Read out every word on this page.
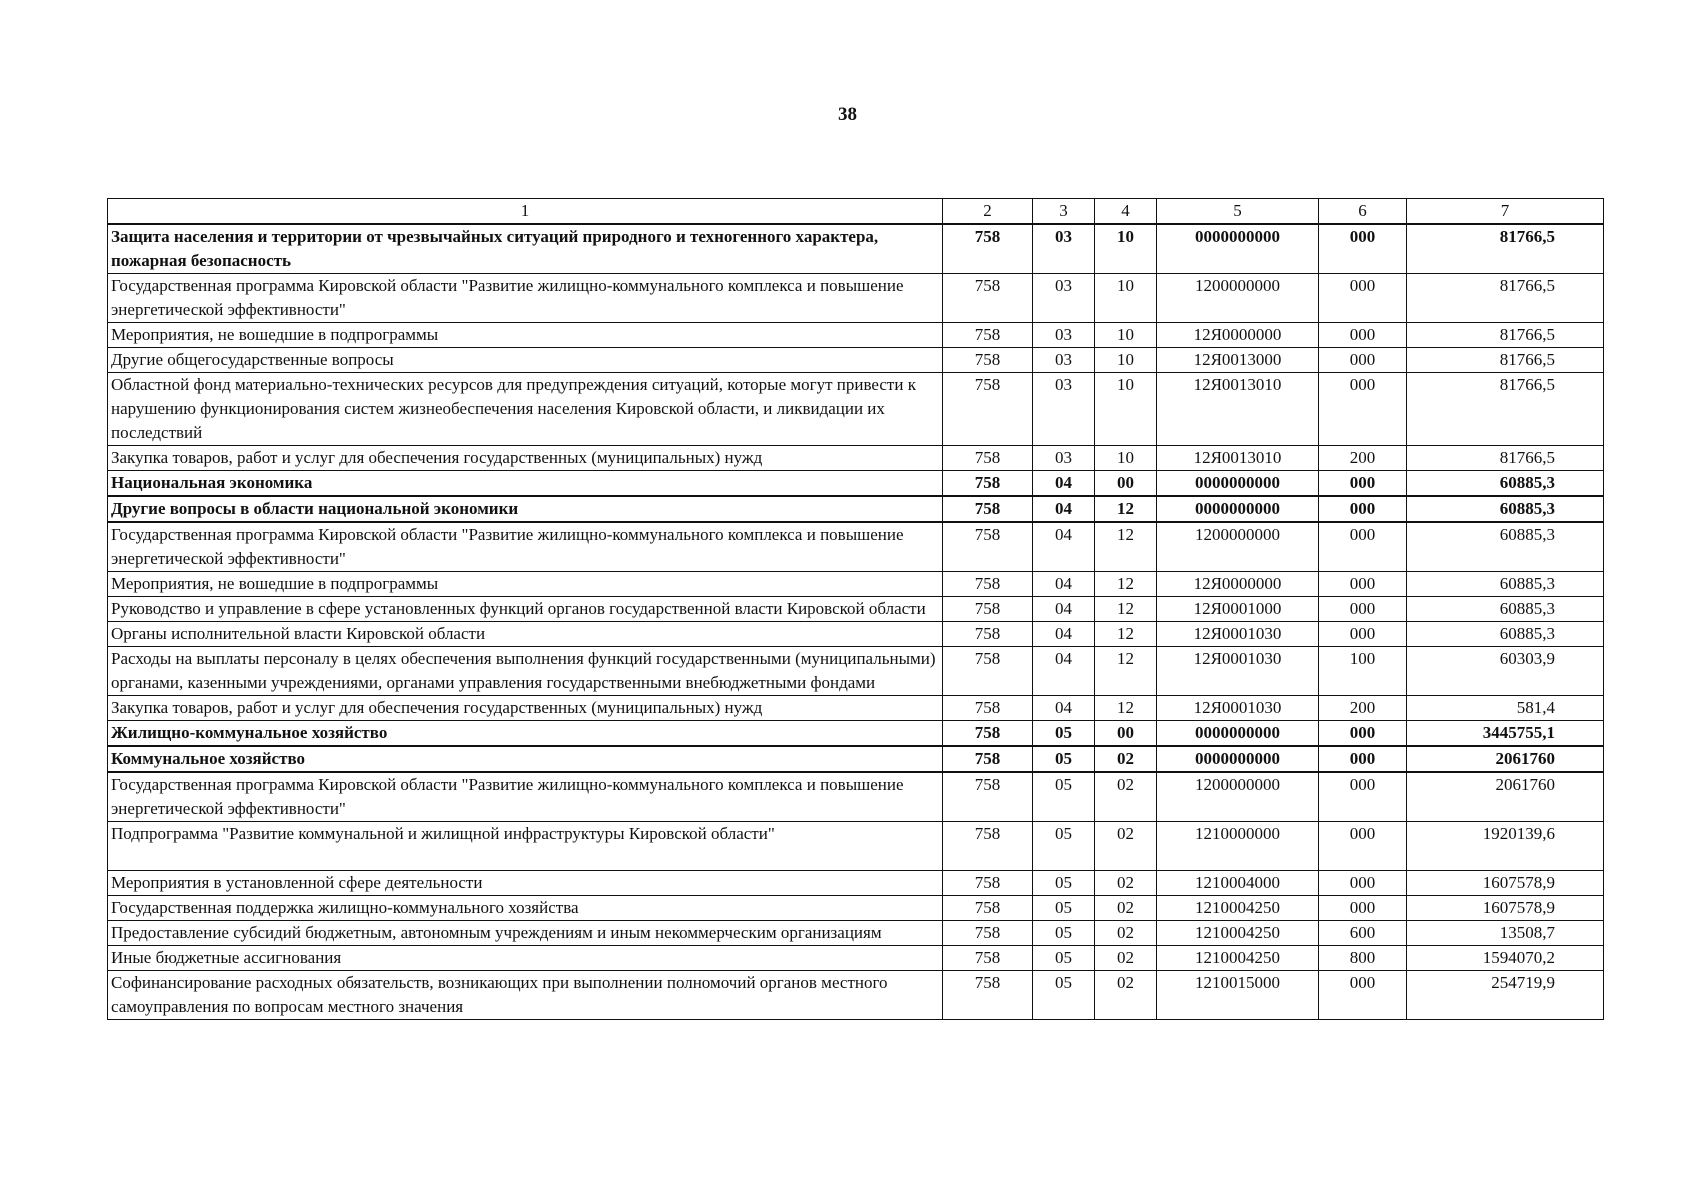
38
1	2	3	4	5	6	7
Защита населения и территории от чрезвычайных ситуаций природного и техногенного характера, пожарная безопасность	758	03	10	0000000000	000	81766,5
Государственная программа Кировской области "Развитие жилищно-коммунального комплекса и повышение энергетической эффективности"	758	03	10	1200000000	000	81766,5
Мероприятия, не вошедшие в подпрограммы	758	03	10	12Я0000000	000	81766,5
Другие общегосударственные вопросы	758	03	10	12Я0013000	000	81766,5
Областной фонд материально-технических ресурсов для предупреждения ситуаций, которые могут привести к нарушению функционирования систем жизнеобеспечения населения Кировской области, и ликвидации их последствий	758	03	10	12Я0013010	000	81766,5
Закупка товаров, работ и услуг для обеспечения государственных (муниципальных) нужд	758	03	10	12Я0013010	200	81766,5
Национальная экономика	758	04	00	0000000000	000	60885,3
Другие вопросы в области национальной экономики	758	04	12	0000000000	000	60885,3
Государственная программа Кировской области "Развитие жилищно-коммунального комплекса и повышение энергетической эффективности"	758	04	12	1200000000	000	60885,3
Мероприятия, не вошедшие в подпрограммы	758	04	12	12Я0000000	000	60885,3
Руководство и управление в сфере установленных функций органов государственной власти Кировской области	758	04	12	12Я0001000	000	60885,3
Органы исполнительной власти Кировской области	758	04	12	12Я0001030	000	60885,3
Расходы на выплаты персоналу в целях обеспечения выполнения функций государственными (муниципальными) органами, казенными учреждениями, органами управления государственными внебюджетными фондами	758	04	12	12Я0001030	100	60303,9
Закупка товаров, работ и услуг для обеспечения государственных (муниципальных) нужд	758	04	12	12Я0001030	200	581,4
Жилищно-коммунальное хозяйство	758	05	00	0000000000	000	3445755,1
Коммунальное хозяйство	758	05	02	0000000000	000	2061760
Государственная программа Кировской области "Развитие жилищно-коммунального комплекса и повышение энергетической эффективности"	758	05	02	1200000000	000	2061760
Подпрограмма "Развитие коммунальной и жилищной инфраструктуры Кировской области"	758	05	02	1210000000	000	1920139,6
Мероприятия в установленной сфере деятельности	758	05	02	1210004000	000	1607578,9
Государственная поддержка жилищно-коммунального хозяйства	758	05	02	1210004250	000	1607578,9
Предоставление субсидий бюджетным, автономным учреждениям и иным некоммерческим организациям	758	05	02	1210004250	600	13508,7
Иные бюджетные ассигнования	758	05	02	1210004250	800	1594070,2
Софинансирование расходных обязательств, возникающих при выполнении полномочий органов местного самоуправления по вопросам местного значения	758	05	02	1210015000	000	254719,9
